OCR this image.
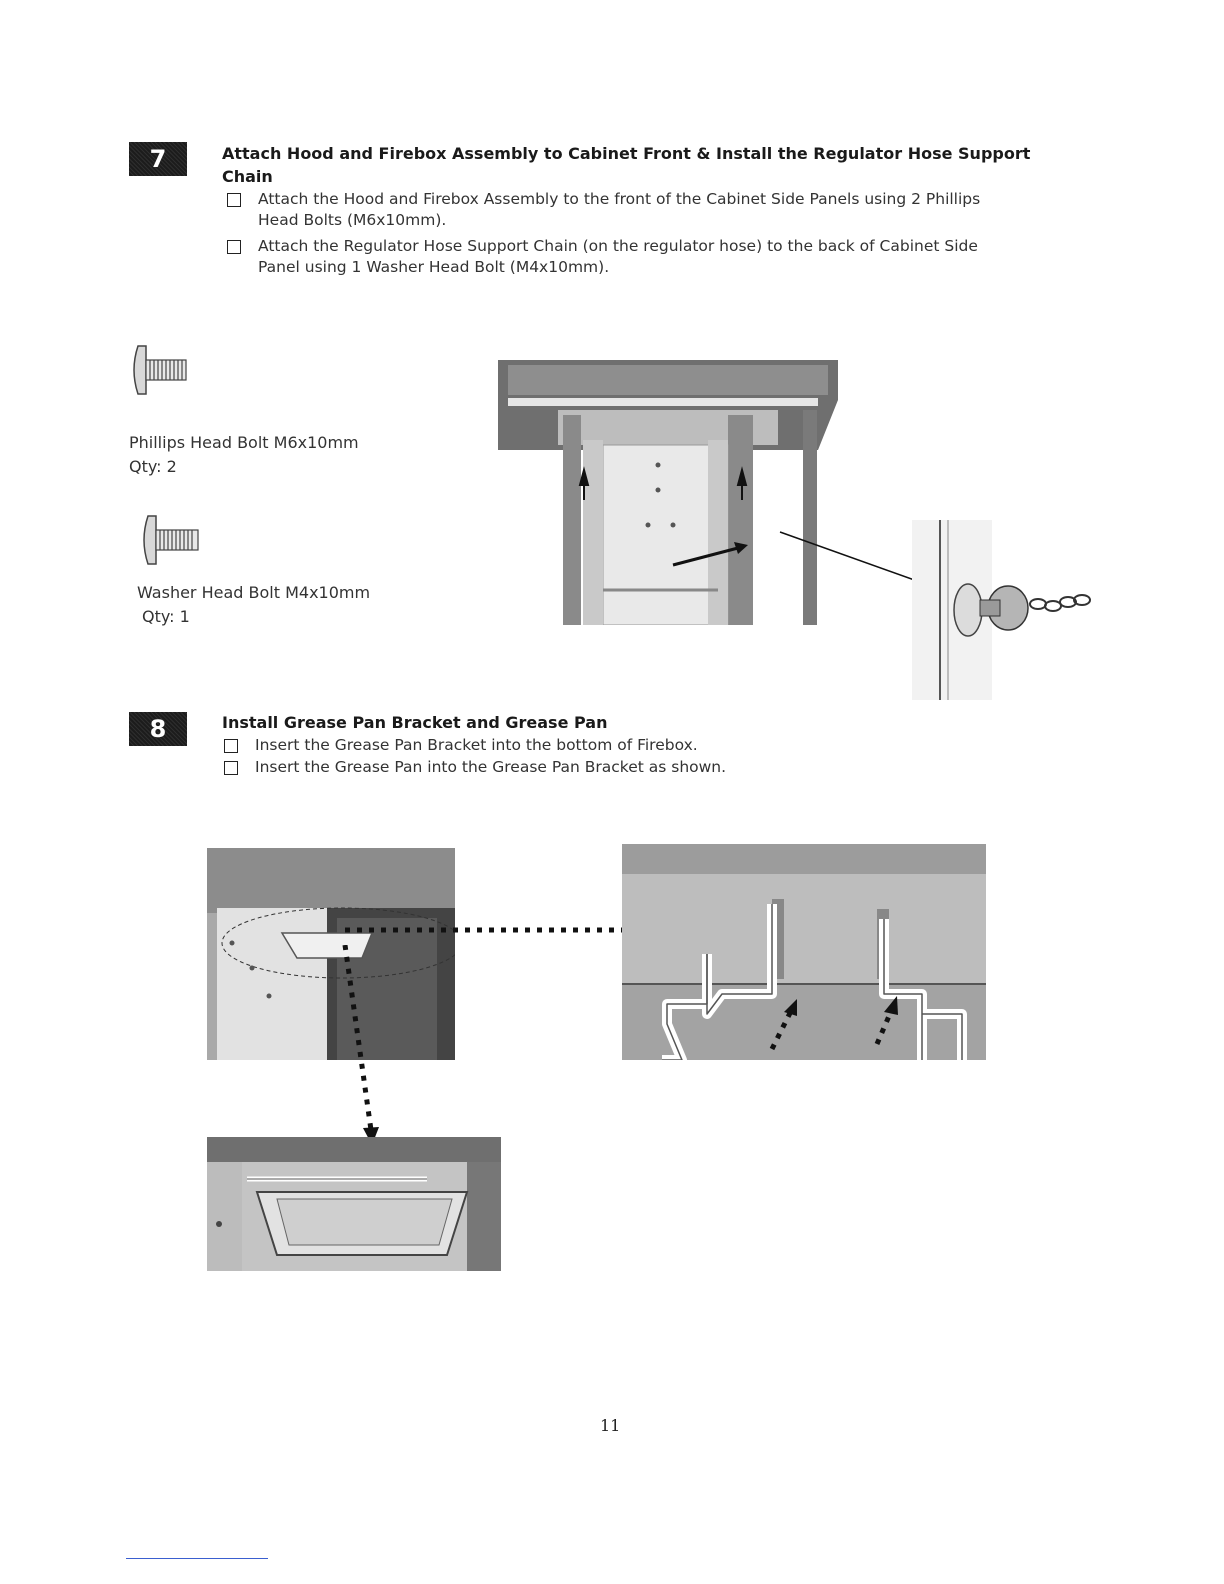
7	Attach Hood and Firebox Assembly to Cabinet Front & Install the Regulator Hose Support
Chain
Attach the Hood and Firebox Assembly to the front of the Cabinet Side Panels using 2 Phillips
Head Bolts (M6x10mm).
Attach the Regulator Hose Support Chain (on the regulator hose) to the back of Cabinet Side
Panel using 1 Washer Head Bolt (M4x10mm).
Phillips Head Bolt M6x10mm
Qty: 2
Washer Head Bolt M4x10mm
Qty: 1
8	Install Grease Pan Bracket and Grease Pan
Insert the Grease Pan Bracket into the bottom of Firebox.
Insert the Grease Pan into the Grease Pan Bracket as shown.
11
